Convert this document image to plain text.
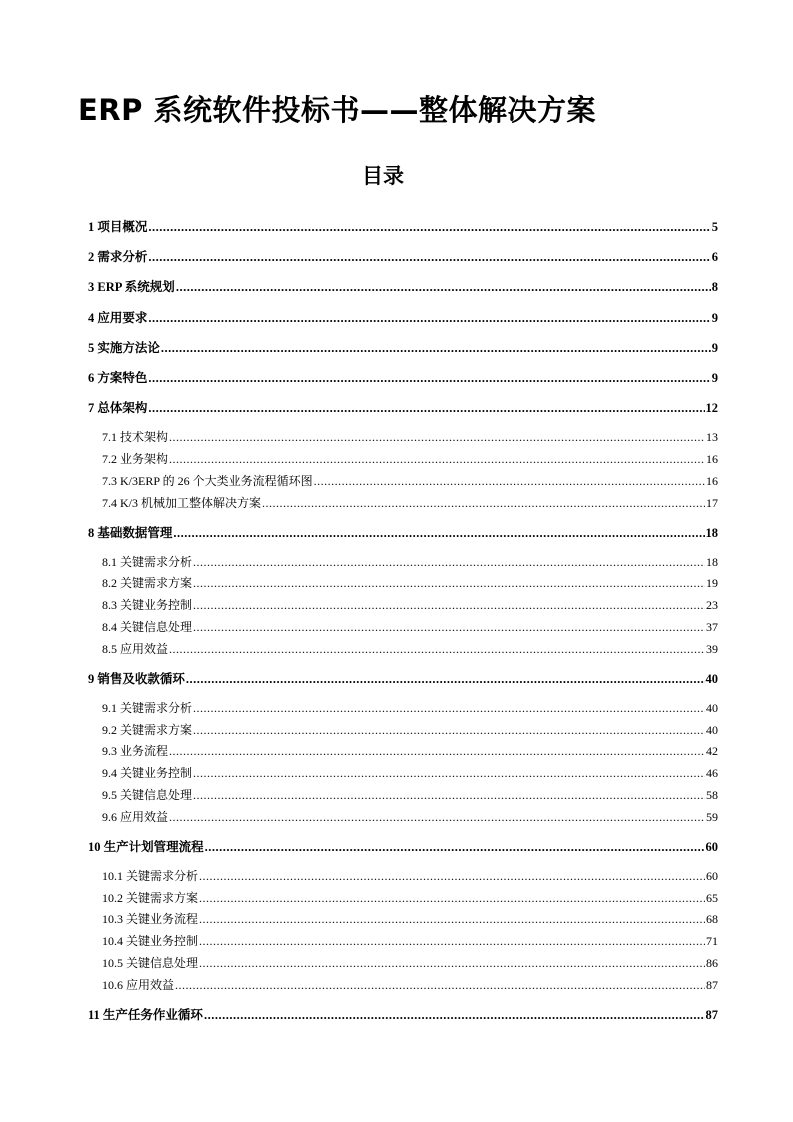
ERP 系统软件投标书——整体解决方案
目录
1 项目概况 .....	5
2 需求分析 .....	6
3 ERP 系统规划 .....	8
4 应用要求 .....	9
5 实施方法论 .....	9
6 方案特色 .....	9
7 总体架构 .....	12
7.1 技术架构 .....	13
7.2 业务架构 .....	16
7.3 K/3ERP 的 26 个大类业务流程循环图 .....	16
7.4 K/3 机械加工整体解决方案 .....	17
8 基础数据管理 .....	18
8.1 关键需求分析 .....	18
8.2 关键需求方案 .....	19
8.3 关键业务控制 .....	23
8.4 关键信息处理 .....	37
8.5 应用效益 .....	39
9 销售及收款循环 .....	40
9.1 关键需求分析 .....	40
9.2 关键需求方案 .....	40
9.3 业务流程 .....	42
9.4 关键业务控制 .....	46
9.5 关键信息处理 .....	58
9.6 应用效益 .....	59
10 生产计划管理流程 .....	60
10.1 关键需求分析 .....	60
10.2 关键需求方案 .....	65
10.3 关键业务流程 .....	68
10.4 关键业务控制 .....	71
10.5 关键信息处理 .....	86
10.6 应用效益 .....	87
11 生产任务作业循环 .....	87
